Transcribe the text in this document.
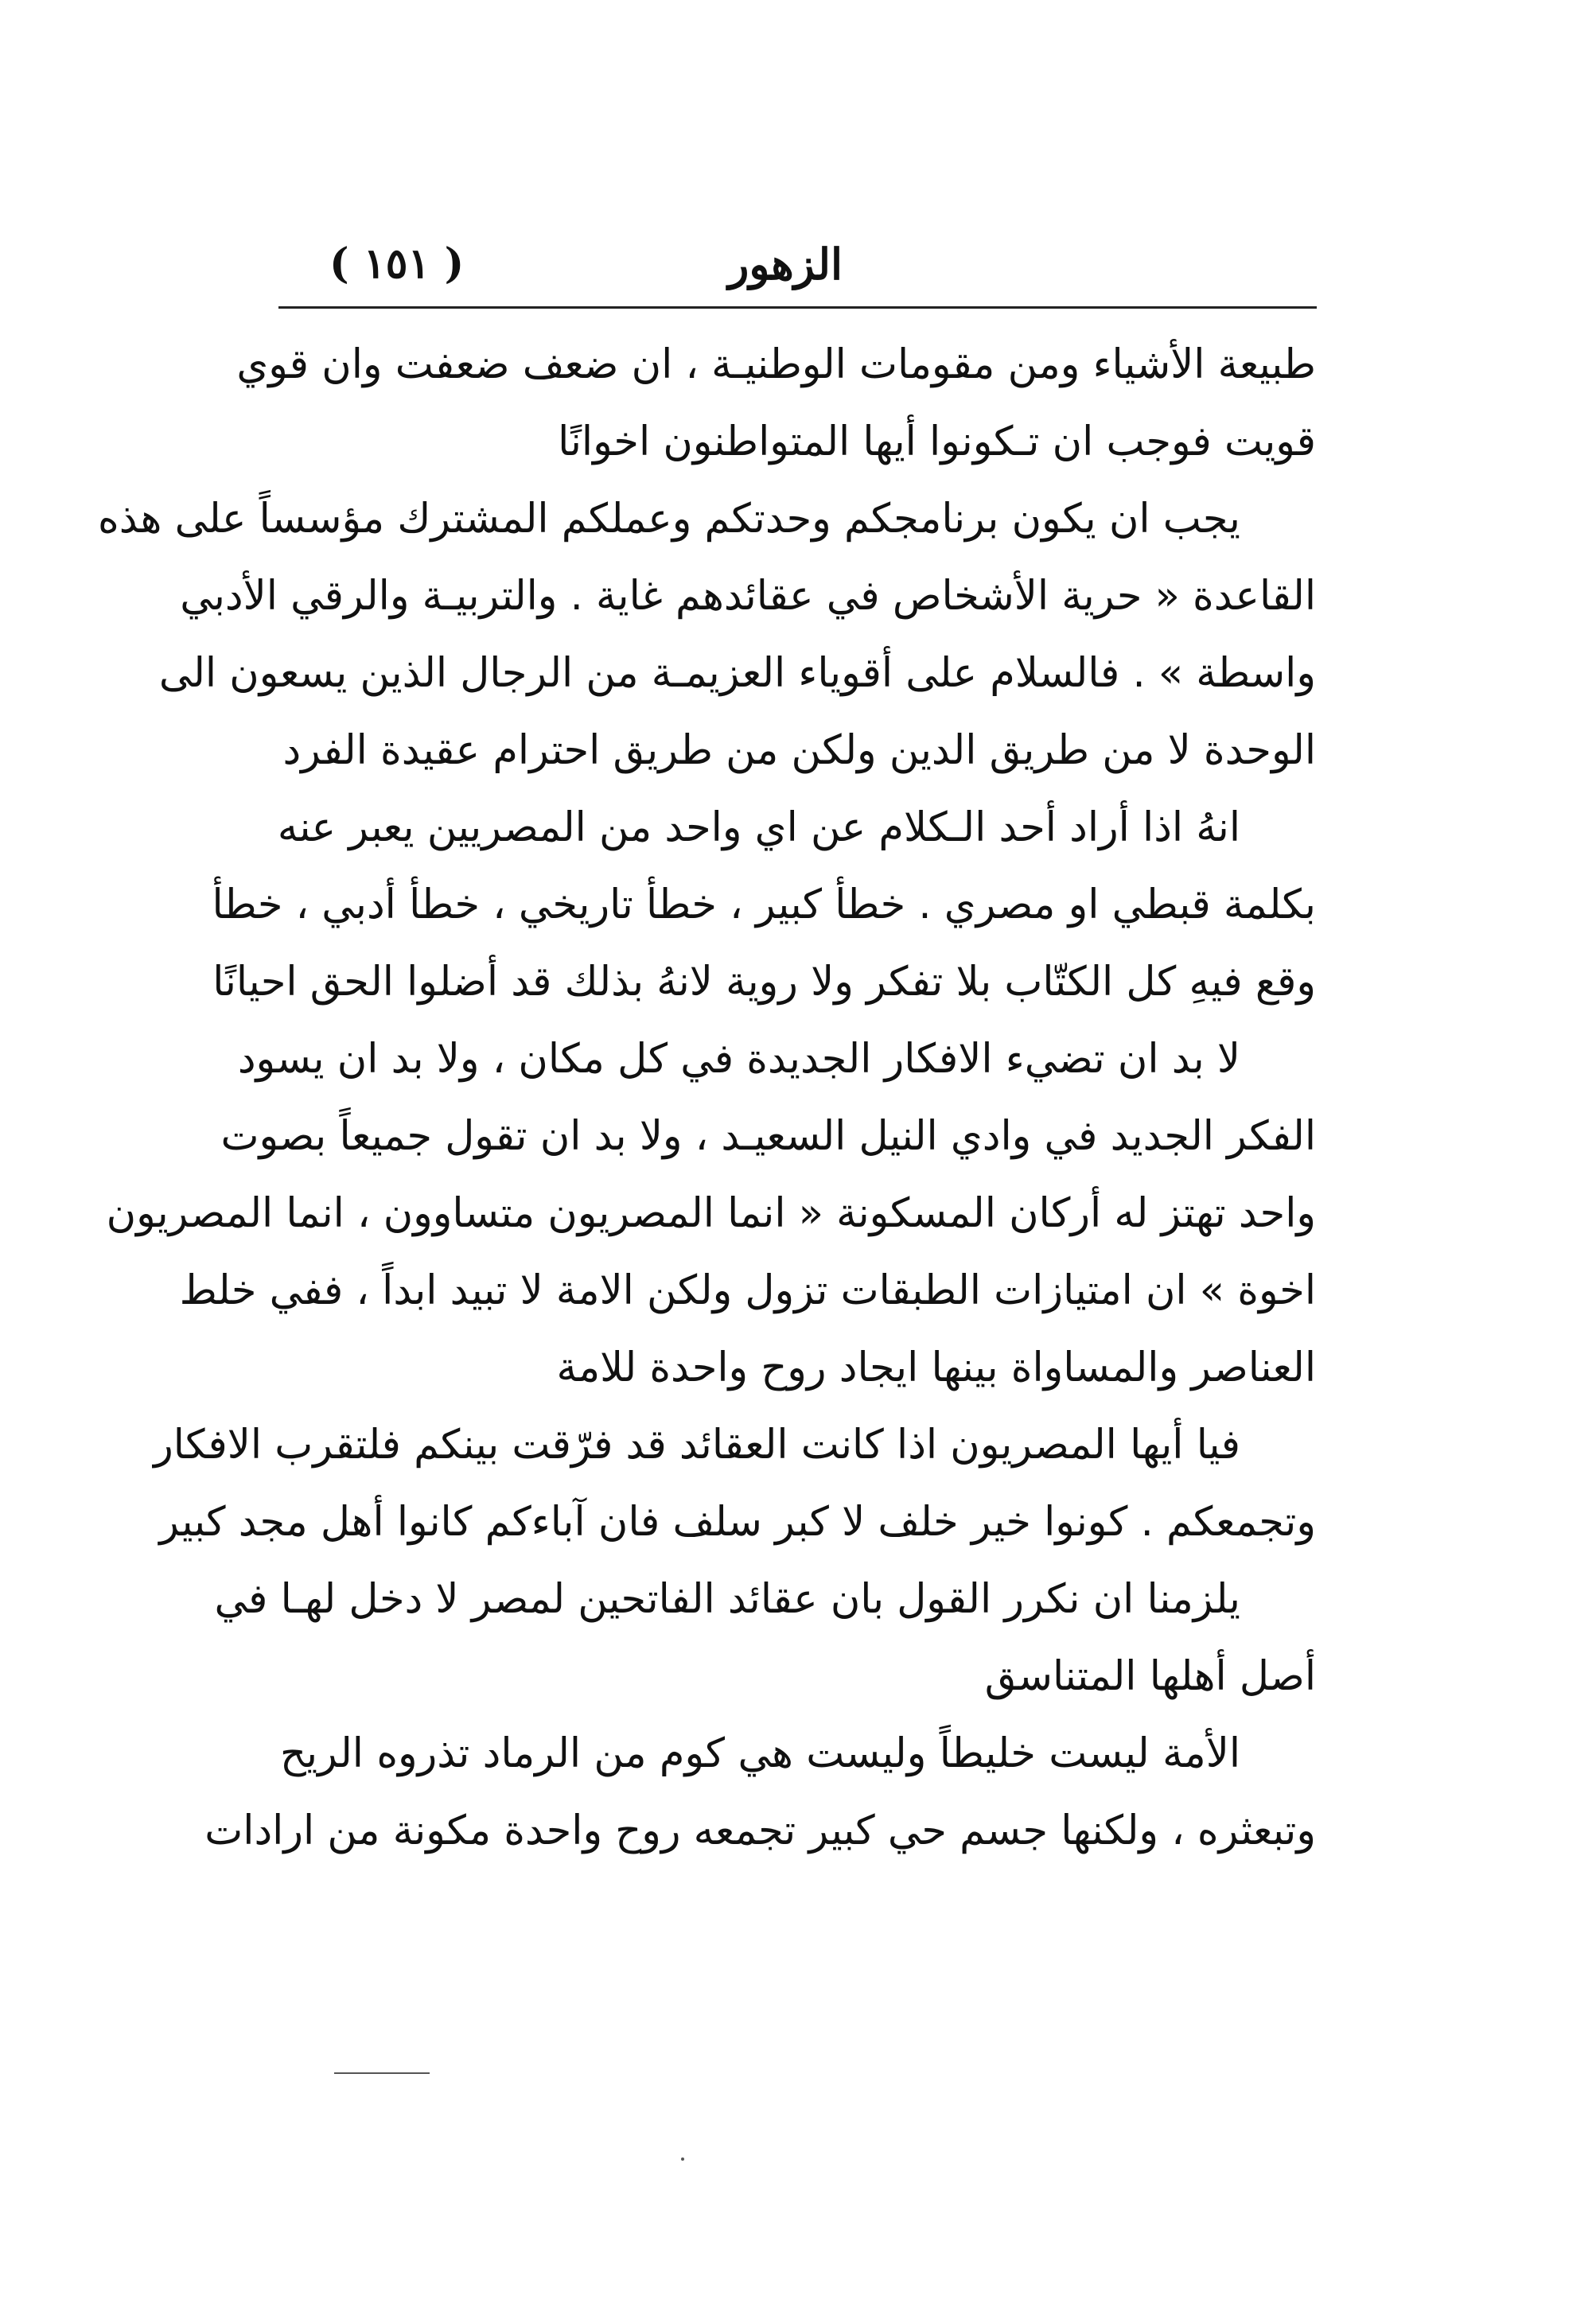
الزهور
( ١٥١ )
طبيعة الأشياء ومن مقومات الوطنيـة ، ان ضعف ضعفت وان قوي
قويت فوجب ان تـكونوا أيها المتواطنون اخوانًا
يجب ان يكون برنامجكم وحدتكم وعملكم المشترك مؤسساً على هذه
القاعدة « حرية الأشخاص في عقائدهم غاية . والتربيـة والرقي الأدبي
واسطة » . فالسلام على أقوياء العزيمـة من الرجال الذين يسعون الى
الوحدة لا من طريق الدين ولكن من طريق احترام عقيدة الفرد
انهُ اذا أراد أحد الـكلام عن اي واحد من المصريين يعبر عنه
بكلمة قبطي او مصري . خطأ كبير ، خطأ تاريخي ، خطأ أدبي ، خطأ
وقع فيهِ كل الكتّاب بلا تفكر ولا روية لانهُ بذلك قد أضلوا الحق احيانًا
لا بد ان تضيء الافكار الجديدة في كل مكان ، ولا بد ان يسود
الفكر الجديد في وادي النيل السعيـد ، ولا بد ان تقول جميعاً بصوت
واحد تهتز له أركان المسكونة « انما المصريون متساوون ، انما المصريون
اخوة » ان امتيازات الطبقات تزول ولكن الامة لا تبيد ابداً ، ففي خلط
العناصر والمساواة بينها ايجاد روح واحدة للامة
فيا أيها المصريون اذا كانت العقائد قد فرّقت بينكم فلتقرب الافكار
وتجمعكم . كونوا خير خلف لا كبر سلف فان آباءكم كانوا أهل مجد كبير
يلزمنا ان نكرر القول بان عقائد الفاتحين لمصر لا دخل لهـا في
أصل أهلها المتناسق
الأمة ليست خليطاً وليست هي كوم من الرماد تذروه الريح
وتبعثره ، ولكنها جسم حي كبير تجمعه روح واحدة مكونة من ارادات
